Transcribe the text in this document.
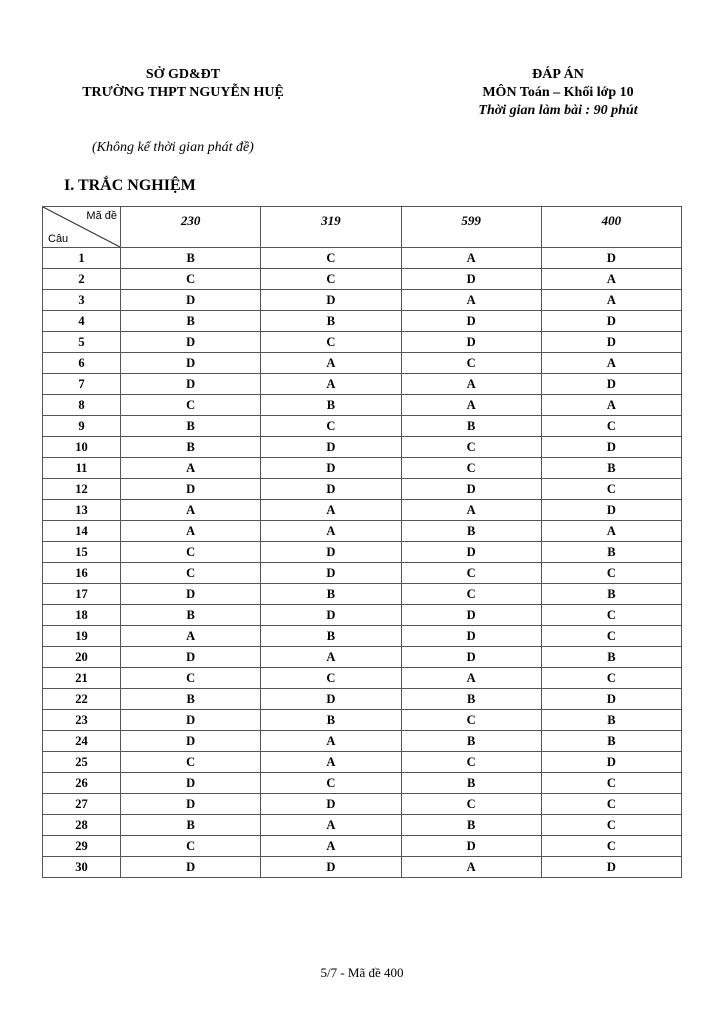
SỞ GD&ĐT
TRƯỜNG THPT NGUYỄN HUỆ
ĐÁP ÁN
MÔN Toán – Khối lớp 10
Thời gian làm bài : 90 phút
(Không kể thời gian phát đề)
I. TRẮC NGHIỆM
Mã đề
Câu	230	319	599	400
1	B	C	A	D
2	C	C	D	A
3	D	D	A	A
4	B	B	D	D
5	D	C	D	D
6	D	A	C	A
7	D	A	A	D
8	C	B	A	A
9	B	C	B	C
10	B	D	C	D
11	A	D	C	B
12	D	D	D	C
13	A	A	A	D
14	A	A	B	A
15	C	D	D	B
16	C	D	C	C
17	D	B	C	B
18	B	D	D	C
19	A	B	D	C
20	D	A	D	B
21	C	C	A	C
22	B	D	B	D
23	D	B	C	B
24	D	A	B	B
25	C	A	C	D
26	D	C	B	C
27	D	D	C	C
28	B	A	B	C
29	C	A	D	C
30	D	D	A	D
5/7 - Mã đề 400
